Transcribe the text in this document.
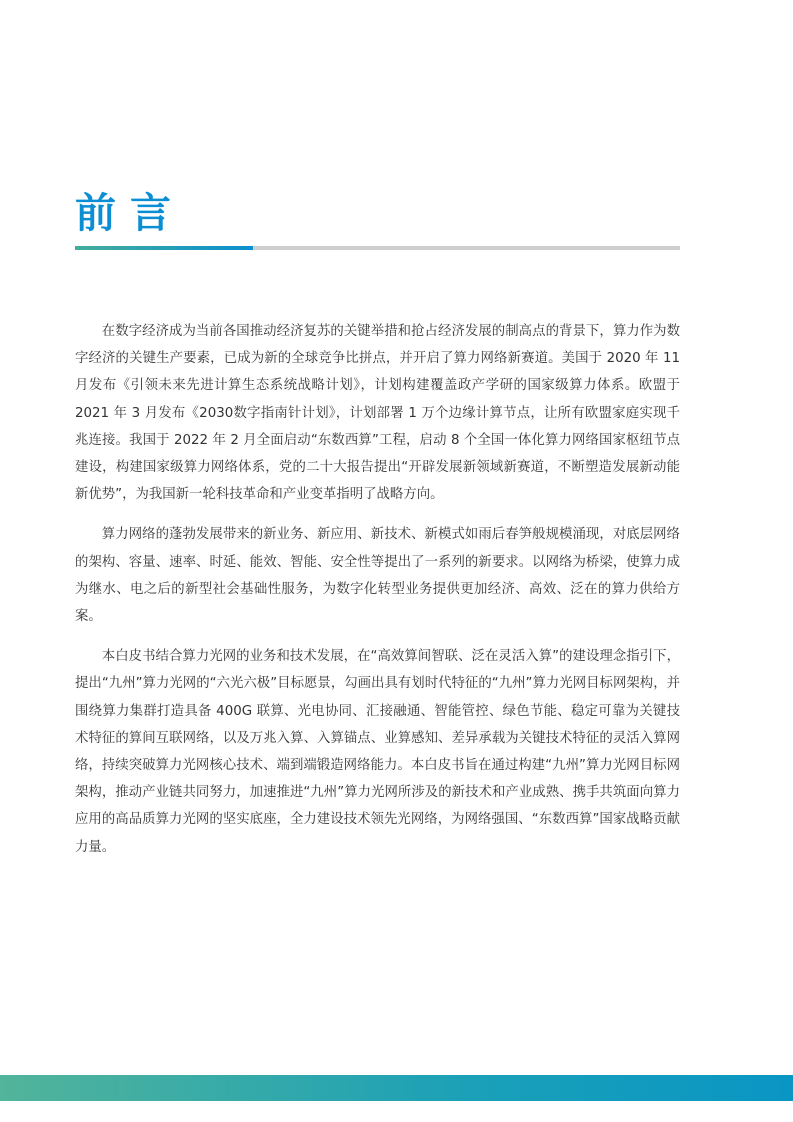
前言

在数字经济成为当前各国推动经济复苏的关键举措和抢占经济发展的制高点的背景下，算力作为数字经济的关键生产要素，已成为新的全球竞争比拼点，并开启了算力网络新赛道。美国于 2020 年 11 月发布《引领未来先进计算生态系统战略计划》，计划构建覆盖政产学研的国家级算力体系。欧盟于 2021 年 3 月发布《2030数字指南针计划》，计划部署 1 万个边缘计算节点，让所有欧盟家庭实现千兆连接。我国于 2022 年 2 月全面启动“东数西算”工程，启动 8 个全国一体化算力网络国家枢纽节点建设，构建国家级算力网络体系，党的二十大报告提出“开辟发展新领域新赛道，不断塑造发展新动能新优势”，为我国新一轮科技革命和产业变革指明了战略方向。

算力网络的蓬勃发展带来的新业务、新应用、新技术、新模式如雨后春笋般规模涌现，对底层网络的架构、容量、速率、时延、能效、智能、安全性等提出了一系列的新要求。以网络为桥梁，使算力成为继水、电之后的新型社会基础性服务，为数字化转型业务提供更加经济、高效、泛在的算力供给方案。

本白皮书结合算力光网的业务和技术发展，在“高效算间智联、泛在灵活入算”的建设理念指引下，提出“九州”算力光网的“六光六极”目标愿景，勾画出具有划时代特征的“九州”算力光网目标网架构，并围绕算力集群打造具备 400G 联算、光电协同、汇接融通、智能管控、绿色节能、稳定可靠为关键技术特征的算间互联网络，以及万兆入算、入算锚点、业算感知、差异承载为关键技术特征的灵活入算网络，持续突破算力光网核心技术、端到端锻造网络能力。本白皮书旨在通过构建“九州”算力光网目标网架构，推动产业链共同努力，加速推进“九州”算力光网所涉及的新技术和产业成熟、携手共筑面向算力应用的高品质算力光网的坚实底座，全力建设技术领先光网络，为网络强国、“东数西算”国家战略贡献力量。
